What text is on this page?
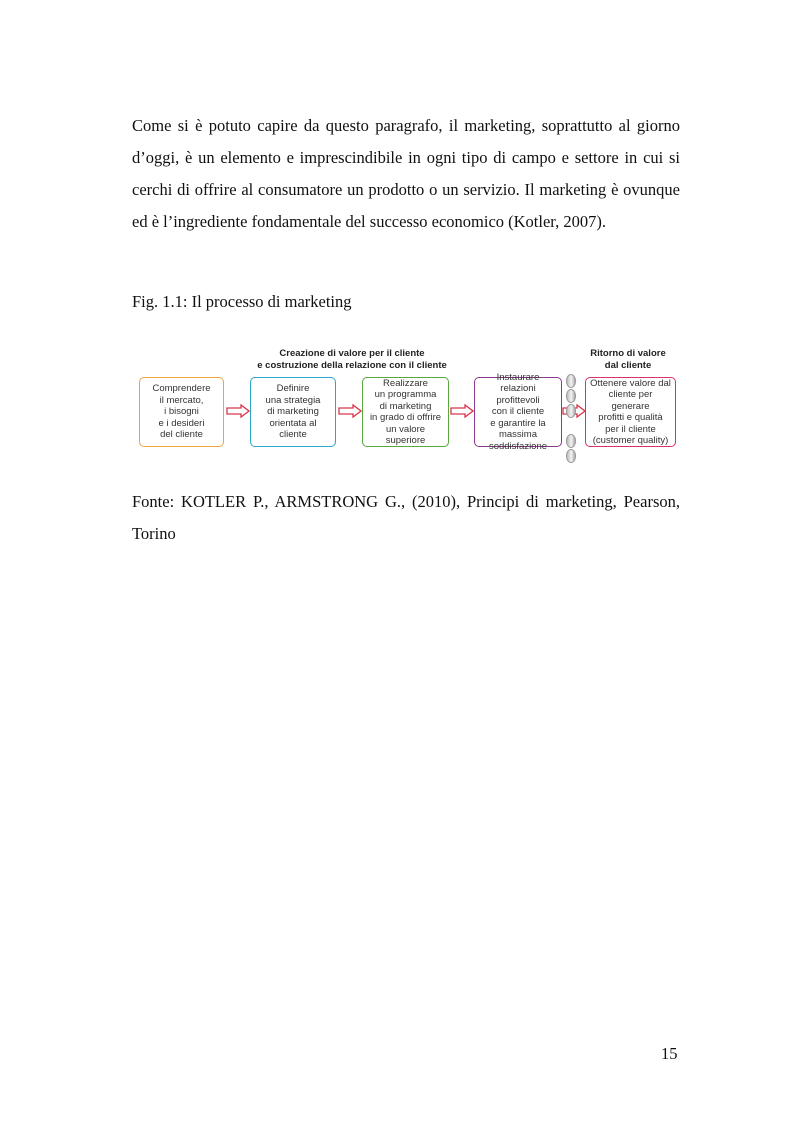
Come si è potuto capire da questo paragrafo, il marketing, soprattutto al giorno d’oggi, è un elemento e imprescindibile in ogni tipo di campo e settore in cui si cerchi di offrire al consumatore un prodotto o un servizio. Il marketing è ovunque ed è l’ingrediente fondamentale del successo economico (Kotler, 2007).

Fig. 1.1: Il processo di marketing

Creazione di valore per il cliente
e costruzione della relazione con il cliente
Ritorno di valore
dal cliente
Comprendere
il mercato,
i bisogni
e i desideri
del cliente
Definire
una strategia
di marketing
orientata al cliente
Realizzare
un programma
di marketing
in grado di offrire
un valore superiore
Instaurare
relazioni profittevoli
con il cliente
e garantire la
massima
soddisfazione
Ottenere valore dal
cliente per generare
profitti e qualità
per il cliente
(customer quality)

Fonte: KOTLER P., ARMSTRONG G., (2010), Principi di marketing, Pearson, Torino

15
